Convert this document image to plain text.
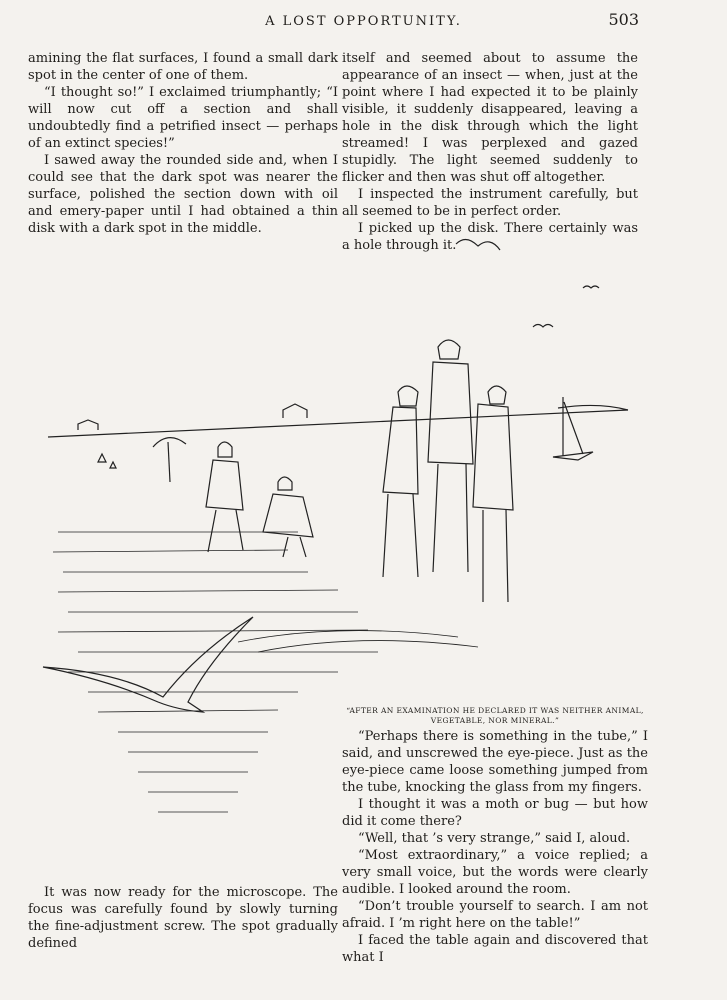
A LOST OPPORTUNITY.	503

amining the flat surfaces, I found a small dark spot in the center of one of them.

“I thought so!” I exclaimed triumphantly; “I will now cut off a section and shall undoubtedly find a petrified insect — perhaps of an extinct species!”

I sawed away the rounded side and, when I could see that the dark spot was nearer the surface, polished the section down with oil and emery-paper until I had obtained a thin disk with a dark spot in the middle.

itself and seemed about to assume the appearance of an insect — when, just at the point where I had expected it to be plainly visible, it suddenly disappeared, leaving a hole in the disk through which the light streamed! I was perplexed and gazed stupidly. The light seemed suddenly to flicker and then was shut off altogether.

I inspected the instrument carefully, but all seemed to be in perfect order.

I picked up the disk. There certainly was a hole through it.

“AFTER AN EXAMINATION HE DECLARED IT WAS NEITHER ANIMAL, VEGETABLE, NOR MINERAL.”

“Perhaps there is something in the tube,” I said, and unscrewed the eye-piece. Just as the eye-piece came loose something jumped from the tube, knocking the glass from my fingers.

I thought it was a moth or bug — but how did it come there?

“Well, that ’s very strange,” said I, aloud.

“Most extraordinary,” a voice replied; a very small voice, but the words were clearly audible. I looked around the room.

“Don’t trouble yourself to search. I am not afraid. I ’m right here on the table!”

I faced the table again and discovered that what I

It was now ready for the microscope. The focus was carefully found by slowly turning the fine-adjustment screw. The spot gradually defined
